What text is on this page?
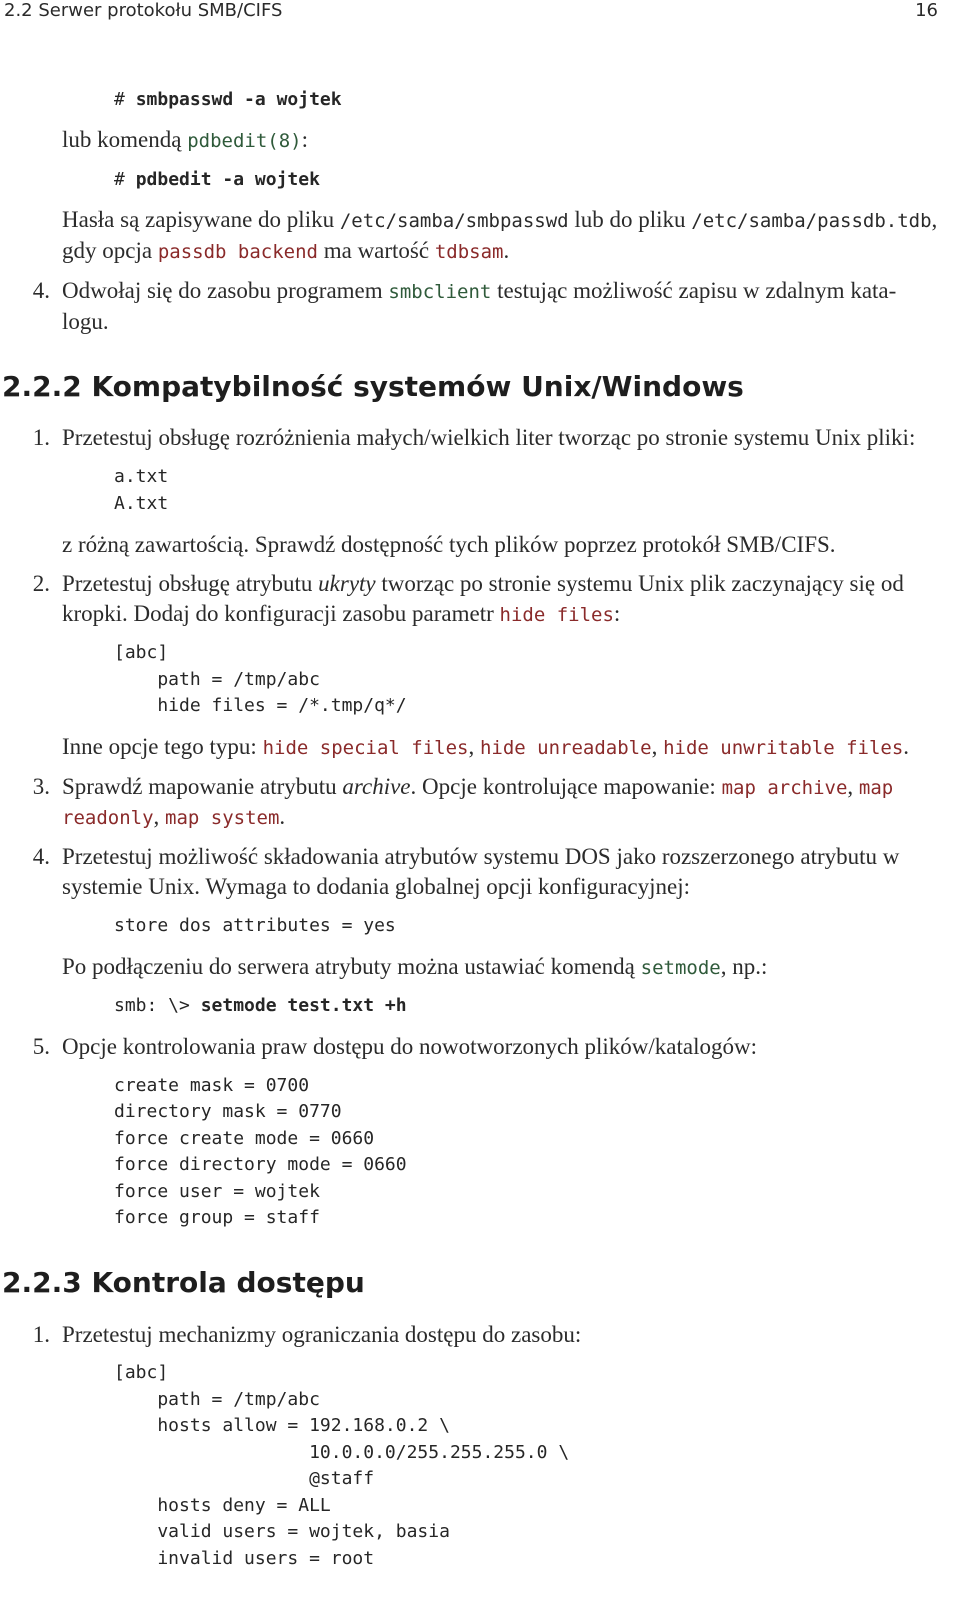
2.2 Serwer protokołu SMB/CIFS	16
# smbpasswd -a wojtek
lub komendą pdbedit(8):
# pdbedit -a wojtek
Hasła są zapisywane do pliku /etc/samba/smbpasswd lub do pliku /etc/samba/passdb.tdb,
gdy opcja passdb backend ma wartość tdbsam.
4. Odwołaj się do zasobu programem smbclient testując możliwość zapisu w zdalnym kata-
logu.
2.2.2 Kompatybilność systemów Unix/Windows
1. Przetestuj obsługę rozróżnienia małych/wielkich liter tworząc po stronie systemu Unix pliki:
a.txt
A.txt
z różną zawartością. Sprawdź dostępność tych plików poprzez protokół SMB/CIFS.
2. Przetestuj obsługę atrybutu ukryty tworząc po stronie systemu Unix plik zaczynający się od
kropki. Dodaj do konfiguracji zasobu parametr hide files:
[abc]
path = /tmp/abc
hide files = /*.tmp/q*/
Inne opcje tego typu: hide special files, hide unreadable, hide unwritable files.
3. Sprawdź mapowanie atrybutu archive. Opcje kontrolujące mapowanie: map archive, map
readonly, map system.
4. Przetestuj możliwość składowania atrybutów systemu DOS jako rozszerzonego atrybutu w
systemie Unix. Wymaga to dodania globalnej opcji konfiguracyjnej:
store dos attributes = yes
Po podłączeniu do serwera atrybuty można ustawiać komendą setmode, np.:
smb: \> setmode test.txt +h
5. Opcje kontrolowania praw dostępu do nowotworzonych plików/katalogów:
create mask = 0700
directory mask = 0770
force create mode = 0660
force directory mode = 0660
force user = wojtek
force group = staff
2.2.3 Kontrola dostępu
1. Przetestuj mechanizmy ograniczania dostępu do zasobu:
[abc]
path = /tmp/abc
hosts allow = 192.168.0.2 \
10.0.0.0/255.255.255.0 \
@staff
hosts deny = ALL
valid users = wojtek, basia
invalid users = root
